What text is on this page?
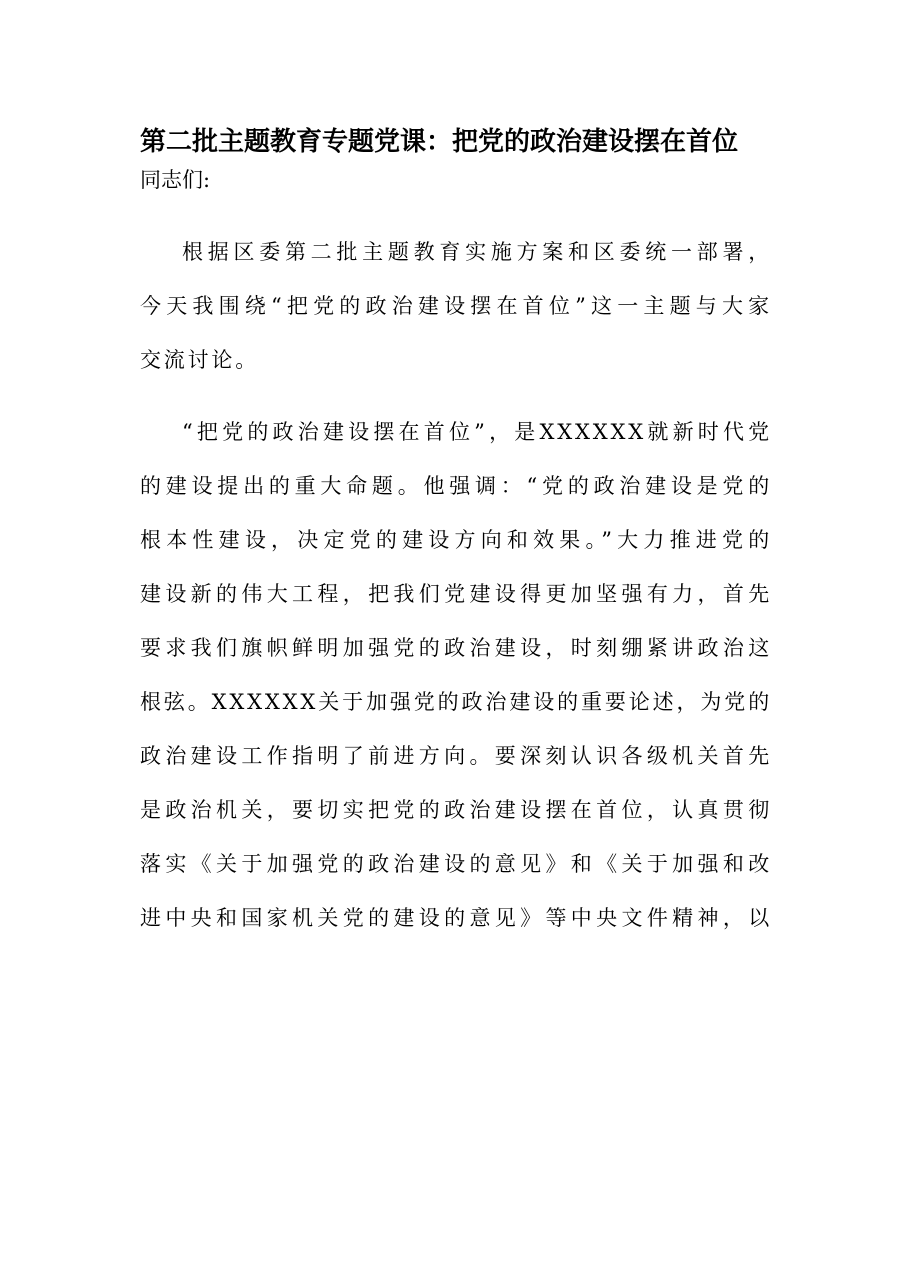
第二批主题教育专题党课：把党的政治建设摆在首位

同志们:

根据区委第二批主题教育实施方案和区委统一部署，
今天我围绕“把党的政治建设摆在首位”这一主题与大家
交流讨论。
“把党的政治建设摆在首位”，是XXXXXX就新时代党
的建设提出的重大命题。他强调：“党的政治建设是党的
根本性建设，决定党的建设方向和效果。”大力推进党的
建设新的伟大工程，把我们党建设得更加坚强有力，首先
要求我们旗帜鲜明加强党的政治建设，时刻绷紧讲政治这
根弦。XXXXXX关于加强党的政治建设的重要论述，为党的
政治建设工作指明了前进方向。要深刻认识各级机关首先
是政治机关，要切实把党的政治建设摆在首位，认真贯彻
落实《关于加强党的政治建设的意见》和《关于加强和改
进中央和国家机关党的建设的意见》等中央文件精神，以
